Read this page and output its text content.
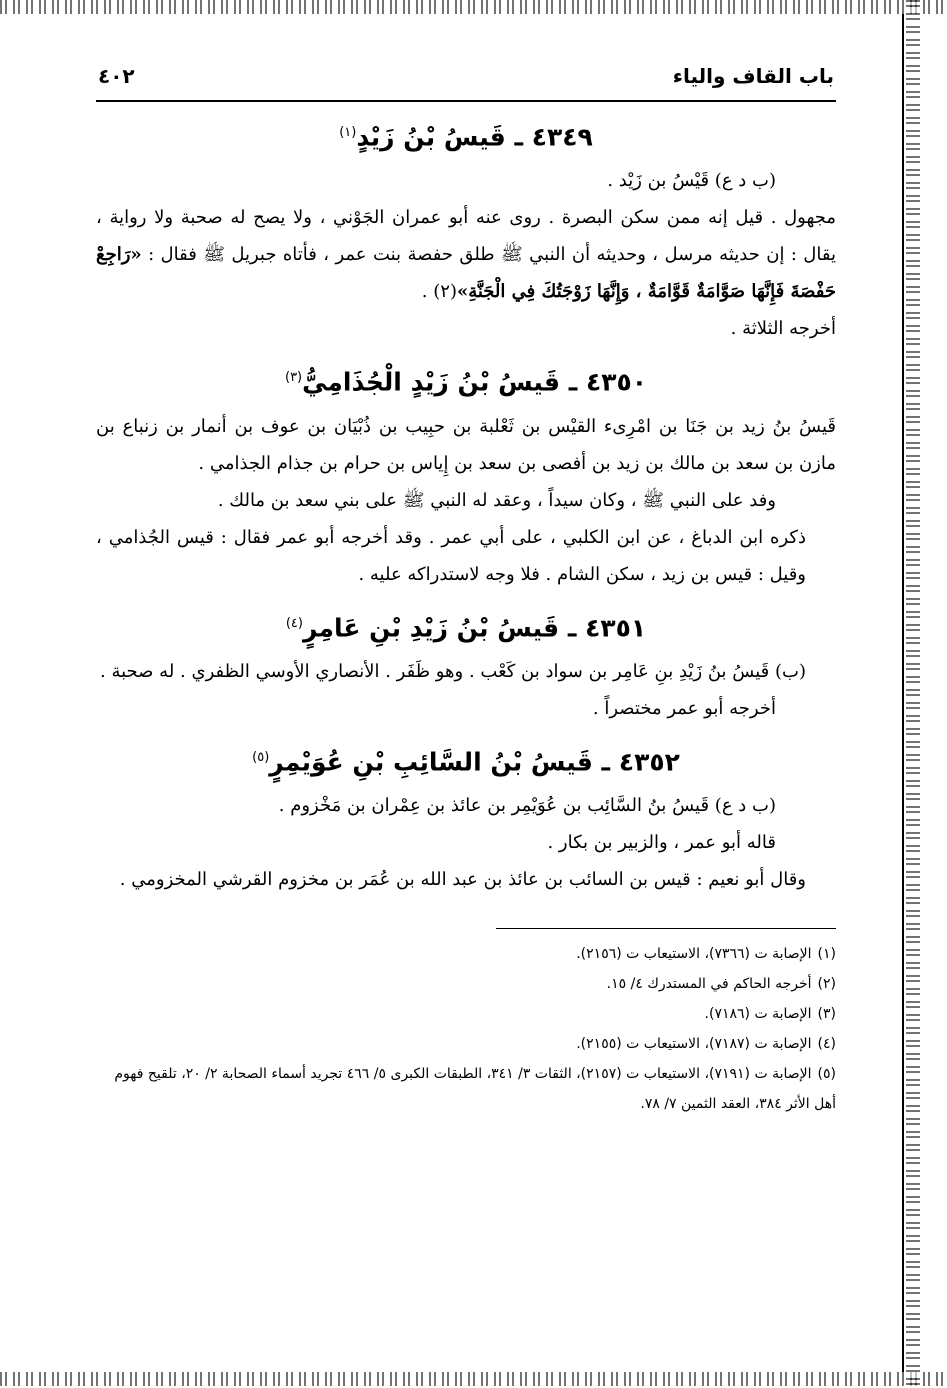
باب القاف والياء
٤٠٢
٤٣٤٩ ـ قَيسُ بْنُ زَيْدٍ$^{(١)}$

(ب د ع) قَيْسُ بن زَيْد .

مجهول . قيل إنه ممن سكن البصرة . روى عنه أبو عمران الجَوْني ، ولا يصح له صحبة ولا رواية ، يقال : إن حديثه مرسل ، وحديثه أن النبي ﷺ طلق حفصة بنت عمر ، فأتاه جبريل ﷺ فقال : «رَاجِعْ حَفْصَةَ فَإِنَّهَا صَوَّامَةٌ قَوَّامَةٌ ، وَإِنَّهَا زَوْجَتُكَ فِي الْجَنَّةِ»(٢) .

أخرجه الثلاثة .

٤٣٥٠ ـ قَيسُ بْنُ زَيْدٍ الْجُذَامِيُّ$^{(٣)}$

قَيسُ بنُ زيد بن جَنَا بن امْرِىء القيْس بن ثَعْلبة بن حبِيب بن ذُبْيَان بن عوف بن أنمار بن زنباع بن مازن بن سعد بن مالك بن زيد بن أفصى بن سعد بن إِياس بن حرام بن جذام الجذامي .

وفد على النبي ﷺ ، وكان سيداً ، وعقد له النبي ﷺ على بني سعد بن مالك .

ذكره ابن الدباغ ، عن ابن الكلبي ، على أبي عمر . وقد أخرجه أبو عمر فقال : قيس الجُذامي ، وقيل : قيس بن زيد ، سكن الشام . فلا وجه لاستدراكه عليه .

٤٣٥١ ـ قَيسُ بْنُ زَيْدِ بْنِ عَامِرٍ$^{(٤)}$

(ب) قَيسُ بنُ زَيْدِ بنِ عَامِر بن سواد بن كَعْب . وهو ظَفَر . الأنصاري الأوسي الظفري . له صحبة .

أخرجه أبو عمر مختصراً .

٤٣٥٢ ـ قَيسُ بْنُ السَّائِبِ بْنِ عُوَيْمِرٍ$^{(٥)}$

(ب د ع) قَيسُ بنُ السَّائِب بن عُوَيْمِر بن عائذ بن عِمْران بن مَخْزوم .

قاله أبو عمر ، والزبير بن بكار .

وقال أبو نعيم : قيس بن السائب بن عائذ بن عبد الله بن عُمَر بن مخزوم القرشي المخزومي .

(١)الإصابة ت (٧٣٦٦)، الاستيعاب ت (٢١٥٦).

(٢)أخرجه الحاكم في المستدرك ٤/ ١٥.

(٣)الإصابة ت (٧١٨٦).

(٤)الإصابة ت (٧١٨٧)، الاستيعاب ت (٢١٥٥).

(٥)الإصابة ت (٧١٩١)، الاستيعاب ت (٢١٥٧)، الثقات ٣/ ٣٤١، الطبقات الكبرى ٥/ ٤٦٦ تجريد أسماء الصحابة ٢/ ٢٠، تلقيح فهوم أهل الأثر ٣٨٤، العقد الثمين ٧/ ٧٨.
